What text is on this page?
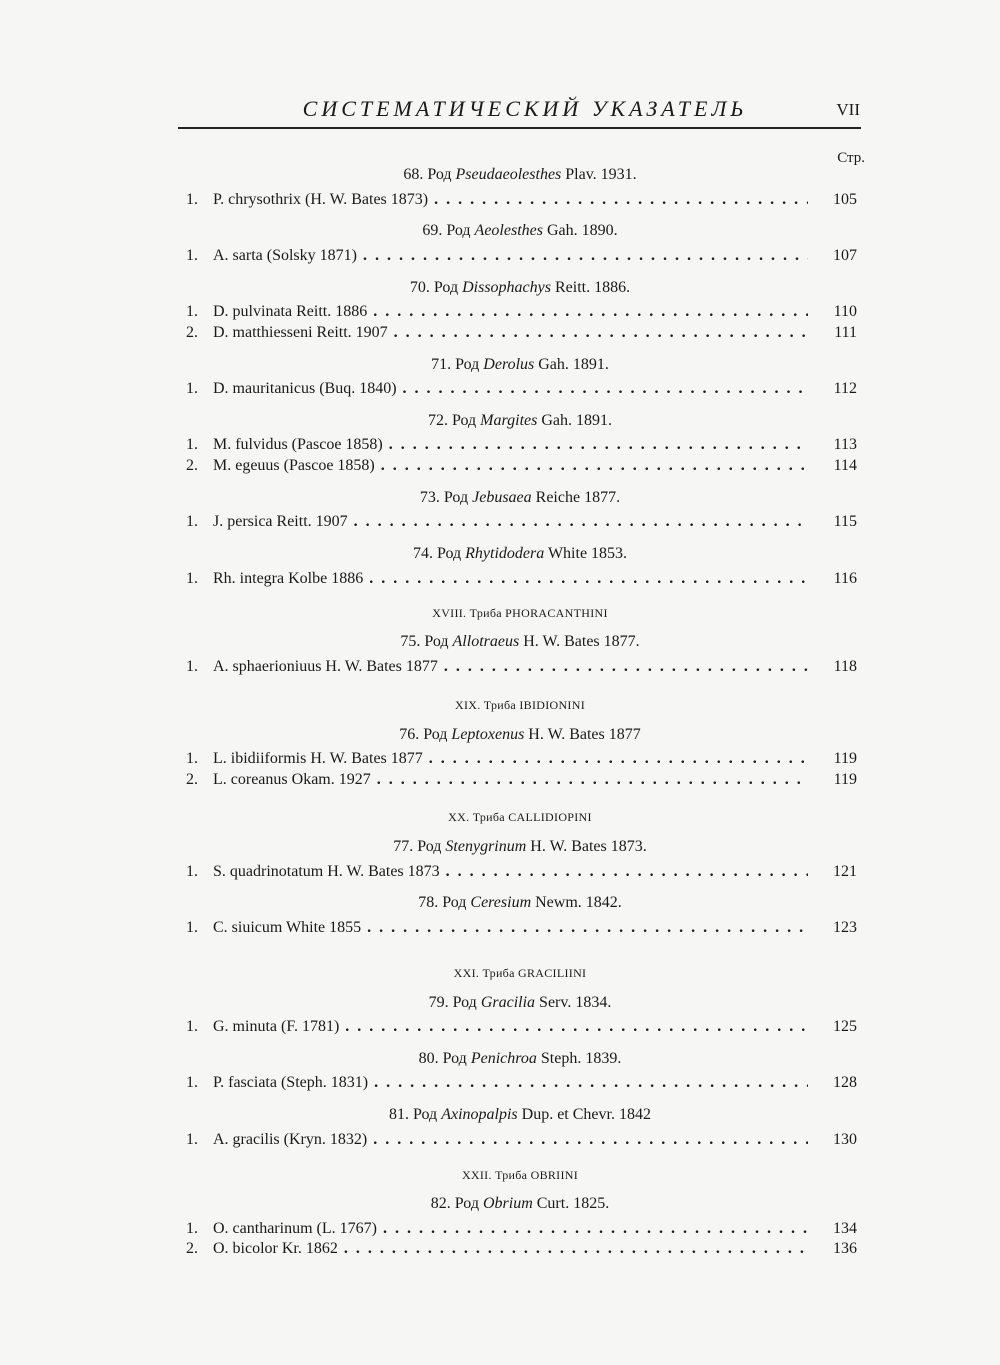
СИСТЕМАТИЧЕСКИЙ УКАЗАТЕЛЬ	VII
Стр.
68. Род Pseudaeolesthes Plav. 1931.
1. P. chrysothrix (H. W. Bates 1873) . . .	105
69. Род Aeolesthes Gah. 1890.
1. A. sarta (Solsky 1871) . . .	107
70. Род Dissophachys Reitt. 1886.
1. D. pulvinata Reitt. 1886 . . .	110
2. D. matthiesseni Reitt. 1907 . . .	111
71. Род Derolus Gah. 1891.
1. D. mauritanicus (Buq. 1840) . . .	112
72. Род Margites Gah. 1891.
1. M. fulvidus (Pascoe 1858) . . .	113
2. M. egeuus (Pascoe 1858) . . .	114
73. Род Jebusaea Reiche 1877.
1. J. persica Reitt. 1907 . . .	115
74. Род Rhytidodera White 1853.
1. Rh. integra Kolbe 1886 . . .	116
XVIII. Триба PHORACANTHINI
75. Род Allotraeus H. W. Bates 1877.
1. A. sphaerioniuus H. W. Bates 1877 . . .	118
XIX. Триба IBIDIONINI
76. Род Leptoxenus H. W. Bates 1877
1. L. ibidiiformis H. W. Bates 1877 . . .	119
2. L. coreanus Okam. 1927 . . .	119
XX. Триба CALLIDIOPINI
77. Род Stenygrinum H. W. Bates 1873.
1. S. quadrinotatum H. W. Bates 1873 . . .	121
78. Род Ceresium Newm. 1842.
1. C. siuicum White 1855 . . .	123
XXI. Триба GRACILIINI
79. Род Gracilia Serv. 1834.
1. G. minuta (F. 1781) . . .	125
80. Род Penichroa Steph. 1839.
1. P. fasciata (Steph. 1831) . . .	128
81. Род Axinopalpis Dup. et Chevr. 1842
1. A. gracilis (Kryn. 1832) . . .	130
XXII. Триба OBRIINI
82. Род Obrium Curt. 1825.
1. O. cantharinum (L. 1767) . . .	134
2. O. bicolor Kr. 1862 . . .	136
